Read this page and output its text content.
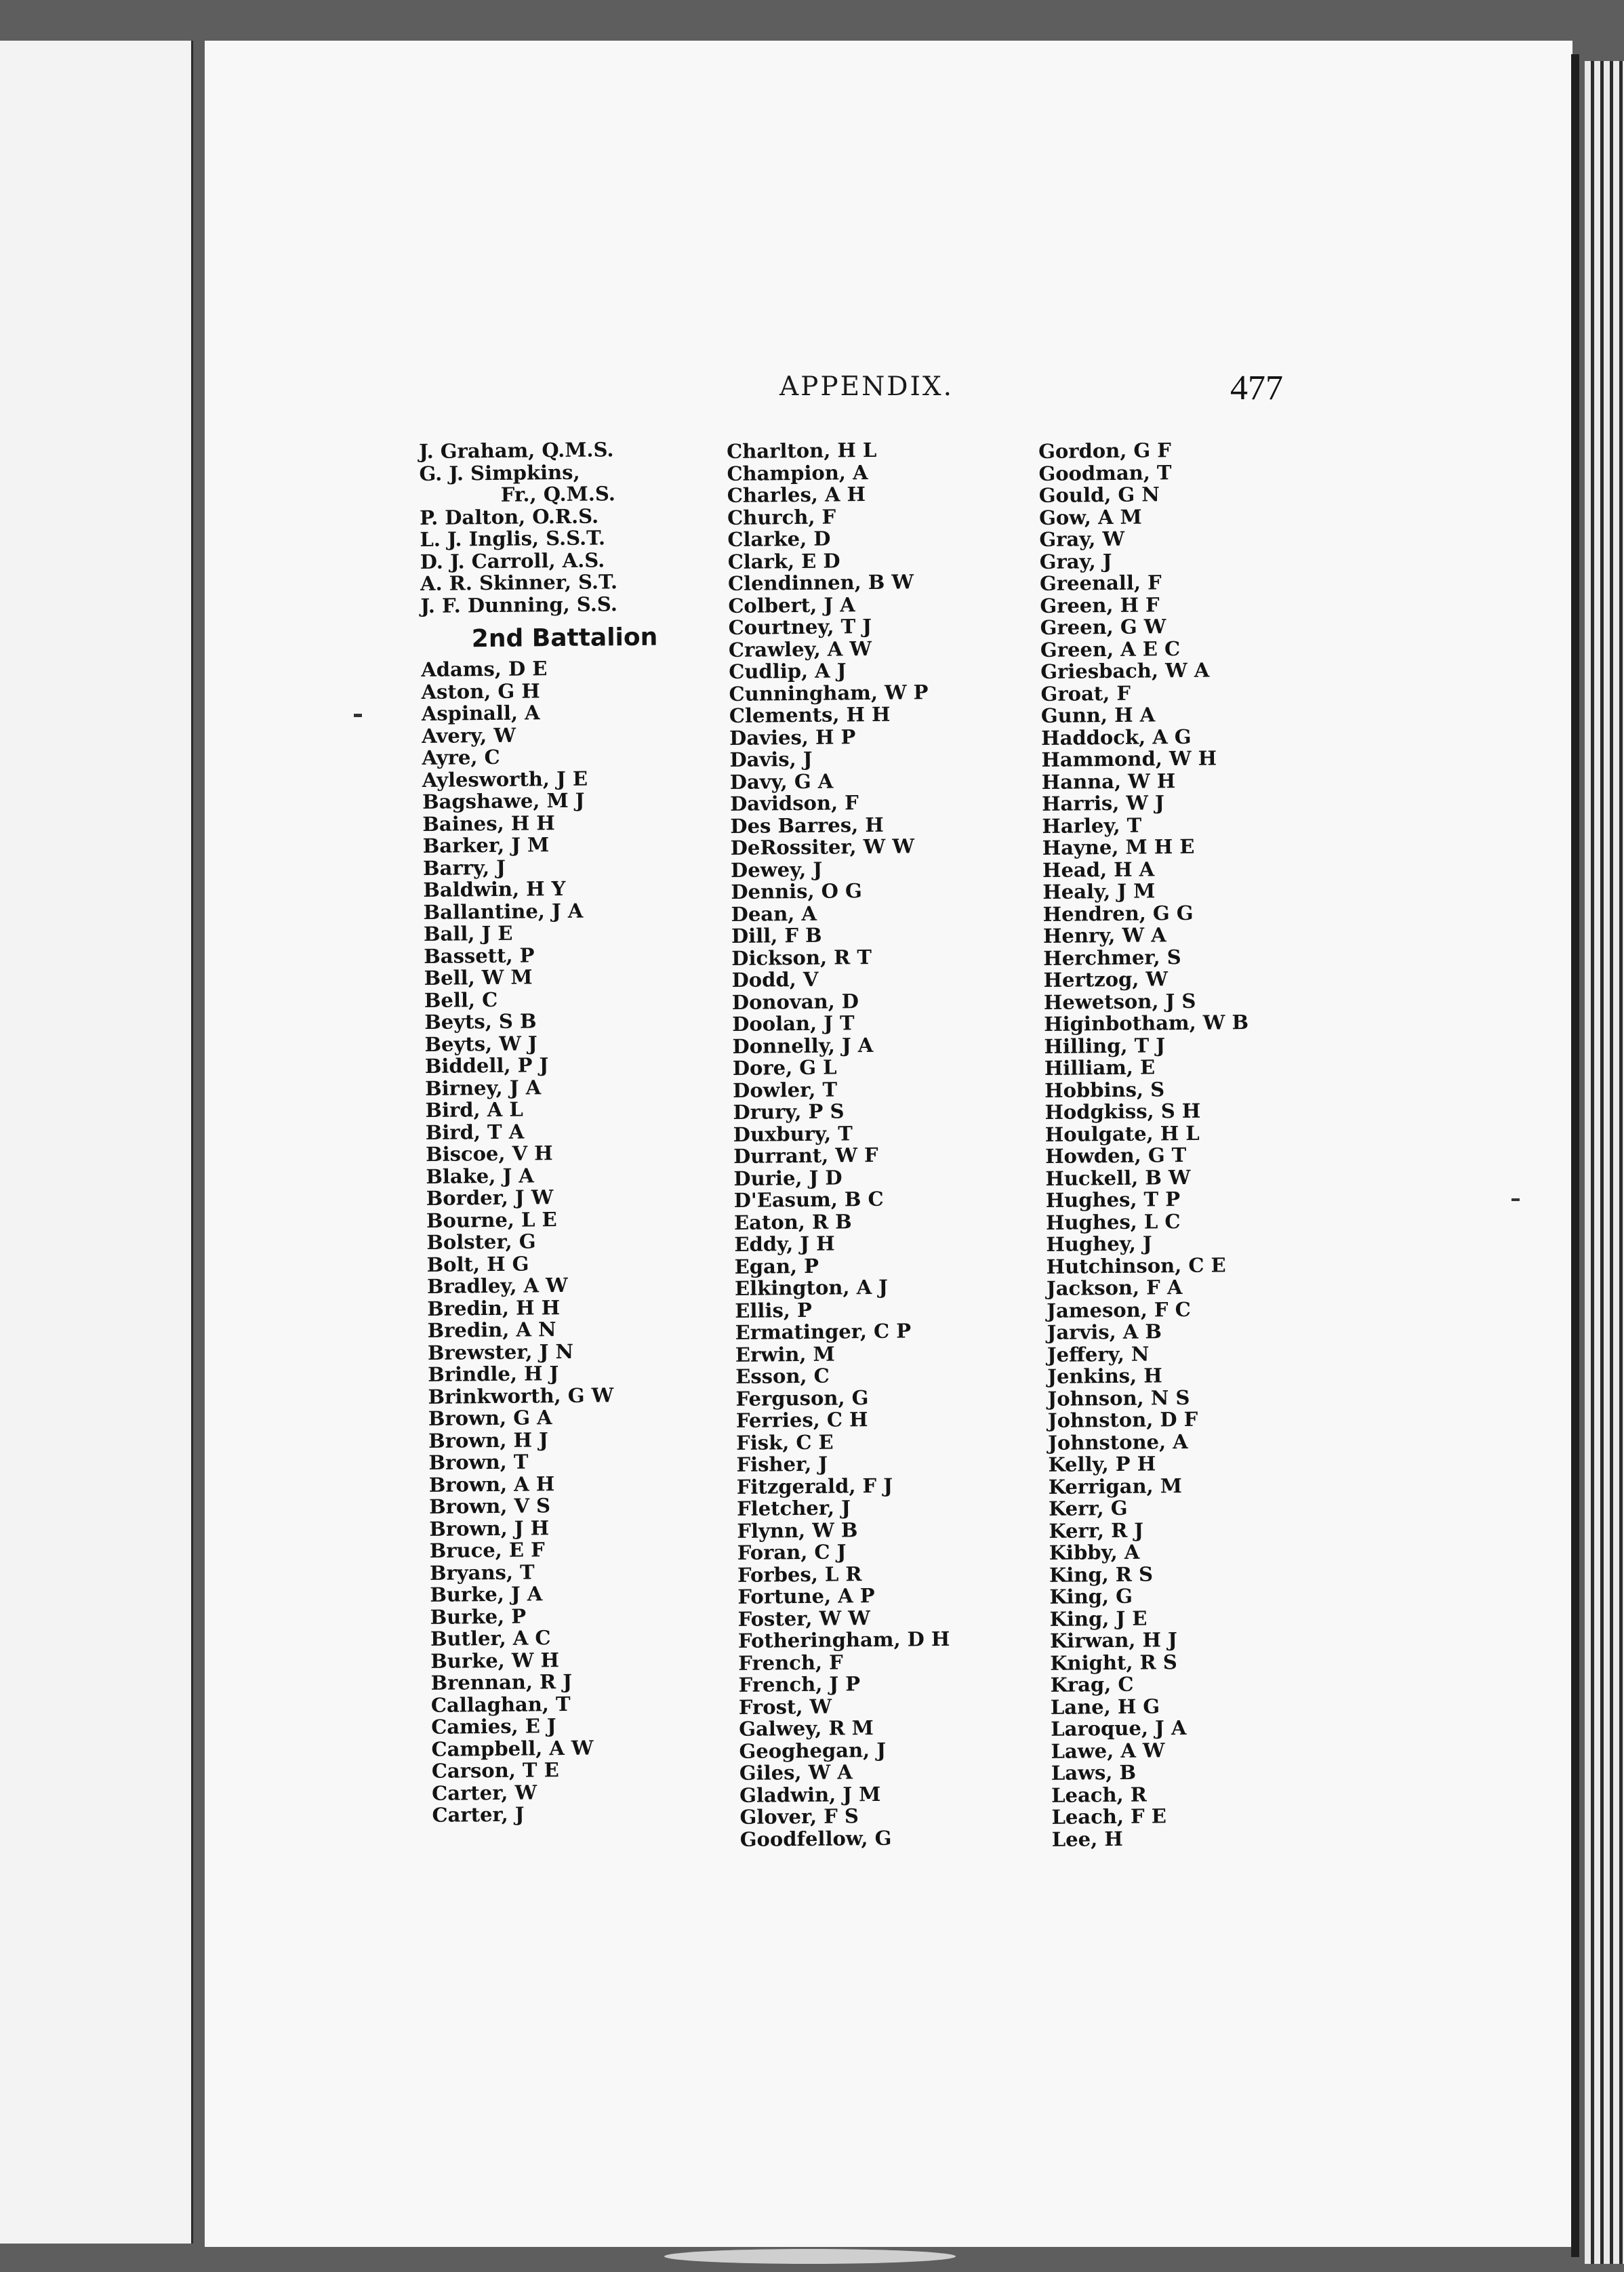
APPENDIX.	477
J. Graham, Q.M.S.
G. J. Simpkins,
Fr., Q.M.S.
P. Dalton, O.R.S.
L. J. Inglis, S.S.T.
D. J. Carroll, A.S.
A. R. Skinner, S.T.
J. F. Dunning, S.S.
2nd Battalion
Adams, D E
Aston, G H
Aspinall, A
Avery, W
Ayre, C
Aylesworth, J E
Bagshawe, M J
Baines, H H
Barker, J M
Barry, J
Baldwin, H Y
Ballantine, J A
Ball, J E
Bassett, P
Bell, W M
Bell, C
Beyts, S B
Beyts, W J
Biddell, P J
Birney, J A
Bird, A L
Bird, T A
Biscoe, V H
Blake, J A
Border, J W
Bourne, L E
Bolster, G
Bolt, H G
Bradley, A W
Bredin, H H
Bredin, A N
Brewster, J N
Brindle, H J
Brinkworth, G W
Brown, G A
Brown, H J
Brown, T
Brown, A H
Brown, V S
Brown, J H
Bruce, E F
Bryans, T
Burke, J A
Burke, P
Butler, A C
Burke, W H
Brennan, R J
Callaghan, T
Camies, E J
Campbell, A W
Carson, T E
Carter, W
Carter, J
Charlton, H L
Champion, A
Charles, A H
Church, F
Clarke, D
Clark, E D
Clendinnen, B W
Colbert, J A
Courtney, T J
Crawley, A W
Cudlip, A J
Cunningham, W P
Clements, H H
Davies, H P
Davis, J
Davy, G A
Davidson, F
Des Barres, H
DeRossiter, W W
Dewey, J
Dennis, O G
Dean, A
Dill, F B
Dickson, R T
Dodd, V
Donovan, D
Doolan, J T
Donnelly, J A
Dore, G L
Dowler, T
Drury, P S
Duxbury, T
Durrant, W F
Durie, J D
D'Easum, B C
Eaton, R B
Eddy, J H
Egan, P
Elkington, A J
Ellis, P
Ermatinger, C P
Erwin, M
Esson, C
Ferguson, G
Ferries, C H
Fisk, C E
Fisher, J
Fitzgerald, F J
Fletcher, J
Flynn, W B
Foran, C J
Forbes, L R
Fortune, A P
Foster, W W
Fotheringham, D H
French, F
French, J P
Frost, W
Galwey, R M
Geoghegan, J
Giles, W A
Gladwin, J M
Glover, F S
Goodfellow, G
Gordon, G F
Goodman, T
Gould, G N
Gow, A M
Gray, W
Gray, J
Greenall, F
Green, H F
Green, G W
Green, A E C
Griesbach, W A
Groat, F
Gunn, H A
Haddock, A G
Hammond, W H
Hanna, W H
Harris, W J
Harley, T
Hayne, M H E
Head, H A
Healy, J M
Hendren, G G
Henry, W A
Herchmer, S
Hertzog, W
Hewetson, J S
Higinbotham, W B
Hilling, T J
Hilliam, E
Hobbins, S
Hodgkiss, S H
Houlgate, H L
Howden, G T
Huckell, B W
Hughes, T P
Hughes, L C
Hughey, J
Hutchinson, C E
Jackson, F A
Jameson, F C
Jarvis, A B
Jeffery, N
Jenkins, H
Johnson, N S
Johnston, D F
Johnstone, A
Kelly, P H
Kerrigan, M
Kerr, G
Kerr, R J
Kibby, A
King, R S
King, G
King, J E
Kirwan, H J
Knight, R S
Krag, C
Lane, H G
Laroque, J A
Lawe, A W
Laws, B
Leach, R
Leach, F E
Lee, H
